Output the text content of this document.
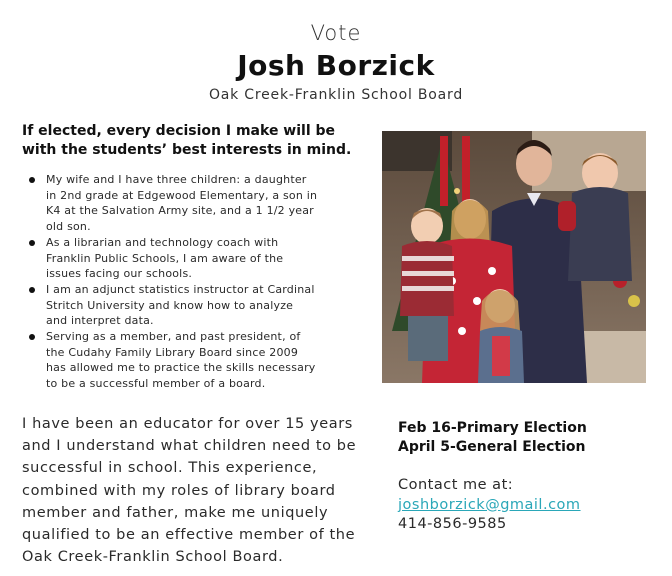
Vote
Josh Borzick
Oak Creek-Franklin School Board
If elected, every decision I make will be
with the students’ best interests in mind.
My wife and I have three children: a daughter
in 2nd grade at Edgewood Elementary, a son in
K4 at the Salvation Army site, and a 1 1/2 year
old son.
As a librarian and technology coach with
Franklin Public Schools, I am aware of the
issues facing our schools.
I am an adjunct statistics instructor at Cardinal
Stritch University and know how to analyze
and interpret data.
Serving as a member, and past president, of
the Cudahy Family Library Board since 2009
has allowed me to practice the skills necessary
to be a successful member of a board.
I have been an educator for over 15 years
and I understand what children need to be
successful in school. This experience,
combined with my roles of library board
member and father, make me uniquely
qualified to be an effective member of the
Oak Creek-Franklin School Board.
Feb 16-Primary Election
April 5-General Election
Contact me at:
joshborzick@gmail.com
414-856-9585
